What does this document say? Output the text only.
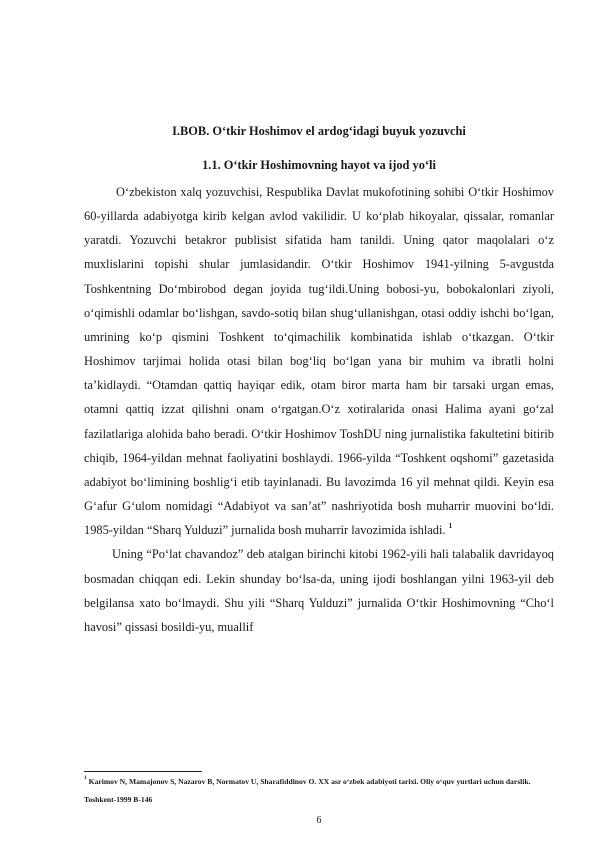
I.BOB. O‘tkir Hoshimov el ardog‘idagi buyuk yozuvchi
1.1. O‘tkir Hoshimovning hayot va ijod yo‘li

O‘zbekiston xalq yozuvchisi, Respublika Davlat mukofotining sohibi O‘tkir Hoshimov 60-yillarda adabiyotga kirib kelgan avlod vakilidir. U ko‘plab hikoyalar, qissalar, romanlar yaratdi. Yozuvchi betakror publisist sifatida ham tanildi. Uning qator maqolalari o‘z muxlislarini topishi shular jumlasidandir. O‘tkir Hoshimov 1941-yilning 5-avgustda Toshkentning Do‘mbirobod degan joyida tug‘ildi.Uning bobosi-yu, bobokalonlari ziyoli, o‘qimishli odamlar bo‘lishgan, savdo-sotiq bilan shug‘ullanishgan, otasi oddiy ishchi bo‘lgan, umrining ko‘p qismini Toshkent to‘qimachilik kombinatida ishlab o‘tkazgan. O‘tkir Hoshimov tarjimai holida otasi bilan bog‘liq bo‘lgan yana bir muhim va ibratli holni ta’kidlaydi. “Otamdan qattiq hayiqar edik, otam biror marta ham bir tarsaki urgan emas, otamni qattiq izzat qilishni onam o‘rgatgan.O‘z xotiralarida onasi Halima ayani go‘zal fazilatlariga alohida baho beradi. O‘tkir Hoshimov ToshDU ning jurnalistika fakultetini bitirib chiqib, 1964-yildan mehnat faoliyatini boshlaydi. 1966-yilda “Toshkent oqshomi” gazetasida adabiyot bo‘limining boshlig‘i etib tayinlanadi. Bu lavozimda 16 yil mehnat qildi. Keyin esa G‘afur G‘ulom nomidagi “Adabiyot va san’at” nashriyotida bosh muharrir muovini bo‘ldi. 1985-yildan “Sharq Yulduzi” jurnalida bosh muharrir lavozimida ishladi. $^1$

Uning “Po‘lat chavandoz” deb atalgan birinchi kitobi 1962-yili hali talabalik davridayoq bosmadan chiqqan edi. Lekin shunday bo‘lsa-da, uning ijodi boshlangan yilni 1963-yil deb belgilansa xato bo‘lmaydi. Shu yili “Sharq Yulduzi” jurnalida O‘tkir Hoshimovning “Cho‘l havosi” qissasi bosildi-yu, muallif

$^1$ Karimov N, Mamajonov S, Nazarov B, Normatov U, Sharafiddinov O. XX asr o‘zbek adabiyoti tarixi. Oliy o‘quv yurtlari uchun darslik. Toshkent-1999 B-146
6
